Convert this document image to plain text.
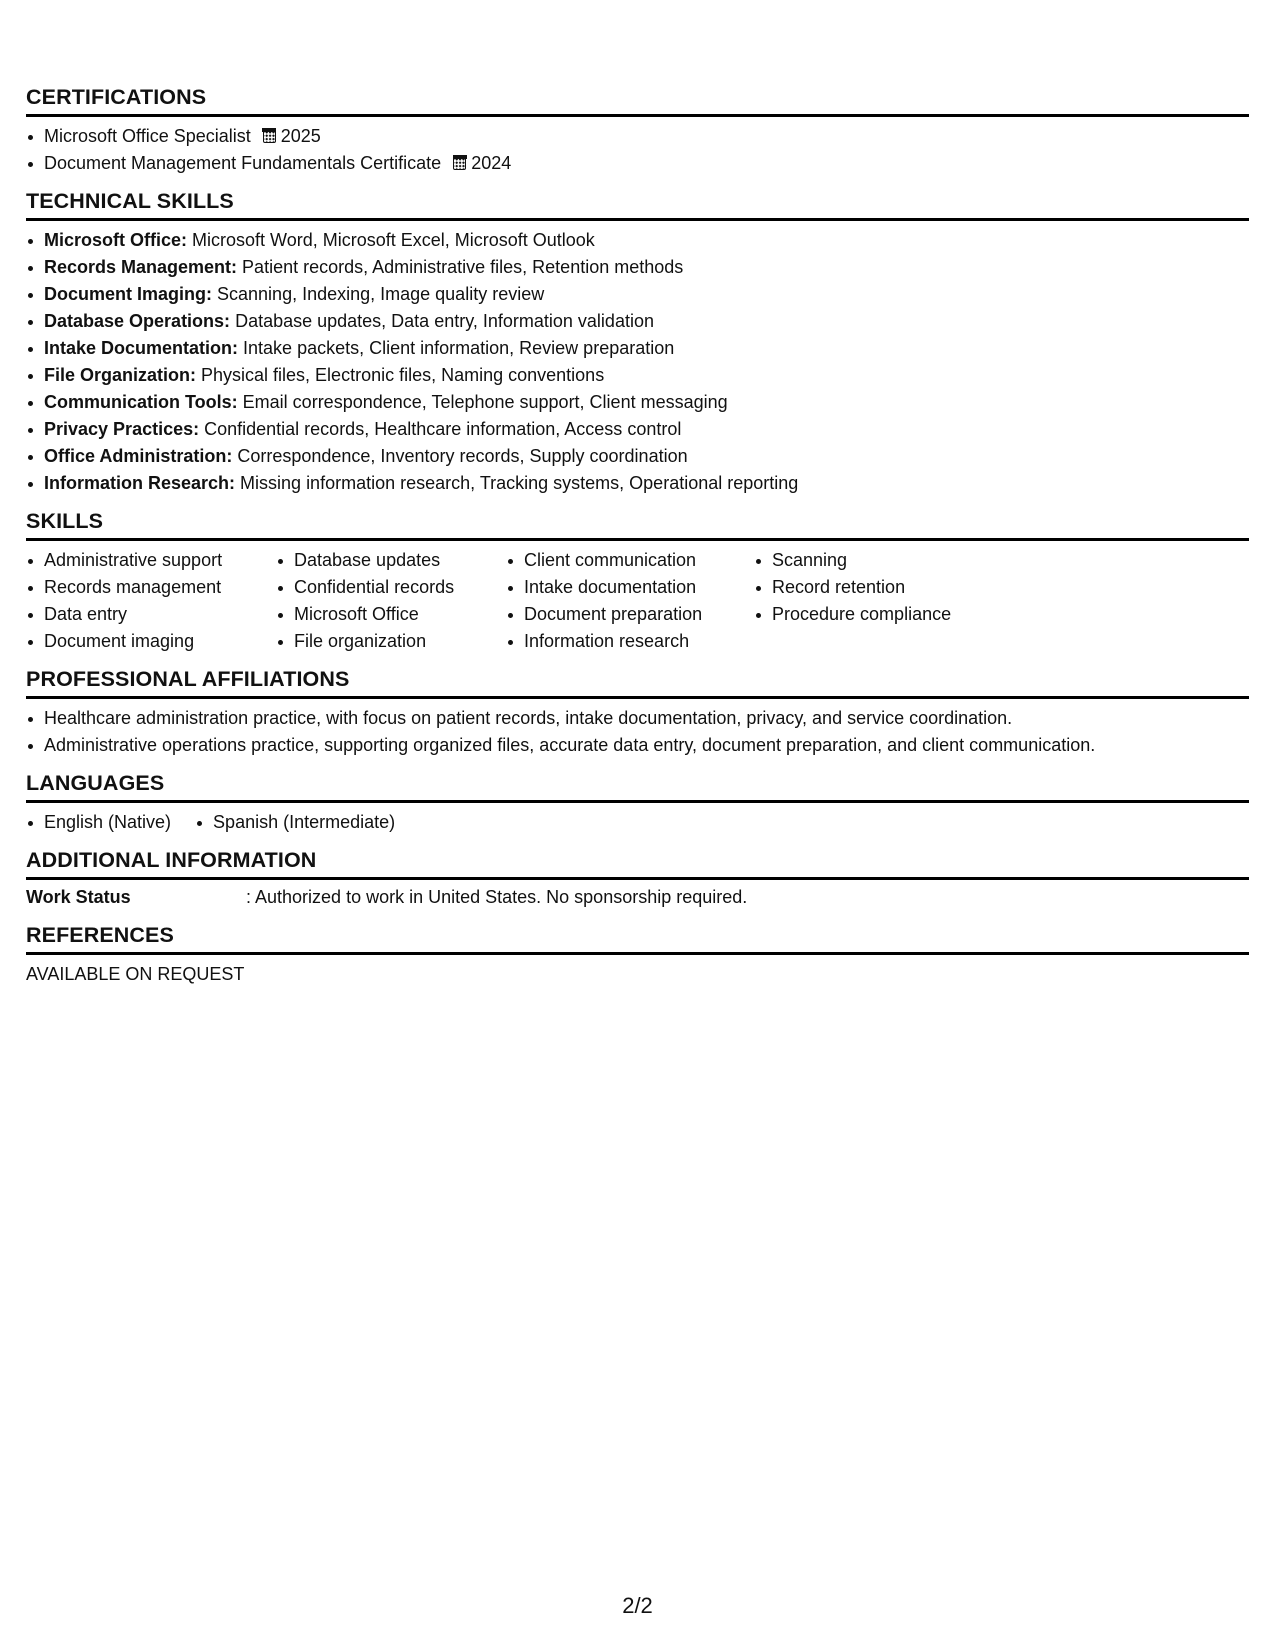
CERTIFICATIONS
Microsoft Office Specialist 2025
Document Management Fundamentals Certificate 2024
TECHNICAL SKILLS
Microsoft Office: Microsoft Word, Microsoft Excel, Microsoft Outlook
Records Management: Patient records, Administrative files, Retention methods
Document Imaging: Scanning, Indexing, Image quality review
Database Operations: Database updates, Data entry, Information validation
Intake Documentation: Intake packets, Client information, Review preparation
File Organization: Physical files, Electronic files, Naming conventions
Communication Tools: Email correspondence, Telephone support, Client messaging
Privacy Practices: Confidential records, Healthcare information, Access control
Office Administration: Correspondence, Inventory records, Supply coordination
Information Research: Missing information research, Tracking systems, Operational reporting
SKILLS
Administrative support
Records management
Data entry
Document imaging
Database updates
Confidential records
Microsoft Office
File organization
Client communication
Intake documentation
Document preparation
Information research
Scanning
Record retention
Procedure compliance
PROFESSIONAL AFFILIATIONS
Healthcare administration practice, with focus on patient records, intake documentation, privacy, and service coordination.
Administrative operations practice, supporting organized files, accurate data entry, document preparation, and client communication.
LANGUAGES
English (Native) Spanish (Intermediate)
ADDITIONAL INFORMATION
Work Status	: Authorized to work in United States. No sponsorship required.
REFERENCES
AVAILABLE ON REQUEST
2/2
